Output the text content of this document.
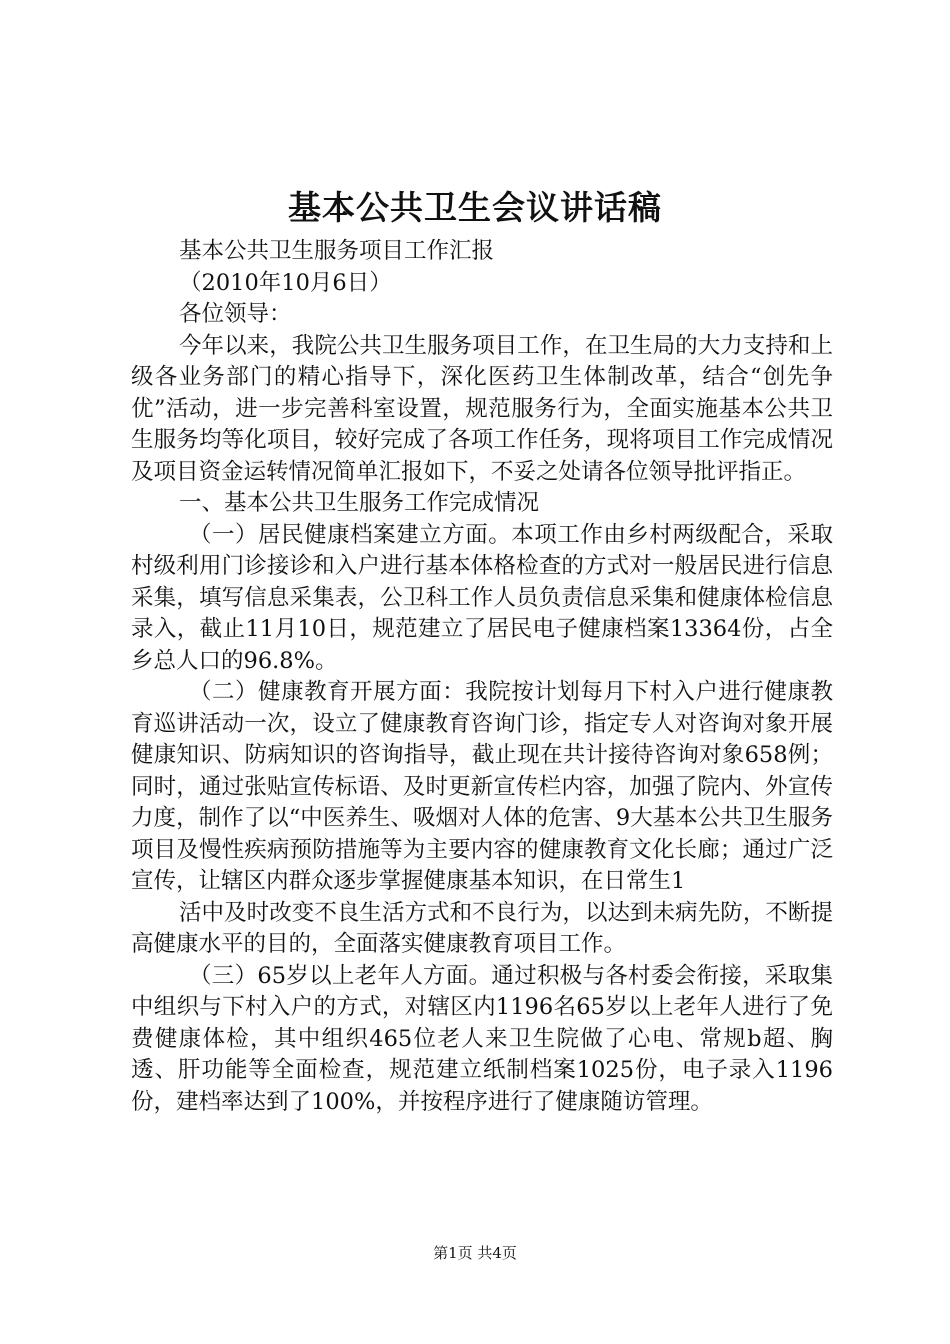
基本公共卫生会议讲话稿

基本公共卫生服务项目工作汇报

（2010年10月6日）

各位领导：

今年以来，我院公共卫生服务项目工作，在卫生局的大力支持和上级各业务部门的精心指导下，深化医药卫生体制改革，结合“创先争优”活动，进一步完善科室设置，规范服务行为，全面实施基本公共卫生服务均等化项目，较好完成了各项工作任务，现将项目工作完成情况及项目资金运转情况简单汇报如下，不妥之处请各位领导批评指正。

一、基本公共卫生服务工作完成情况

（一）居民健康档案建立方面。本项工作由乡村两级配合，采取村级利用门诊接诊和入户进行基本体格检查的方式对一般居民进行信息采集，填写信息采集表，公卫科工作人员负责信息采集和健康体检信息录入，截止11月10日，规范建立了居民电子健康档案13364份，占全乡总人口的96.8%。

（二）健康教育开展方面：我院按计划每月下村入户进行健康教育巡讲活动一次，设立了健康教育咨询门诊，指定专人对咨询对象开展健康知识、防病知识的咨询指导，截止现在共计接待咨询对象658例；同时，通过张贴宣传标语、及时更新宣传栏内容，加强了院内、外宣传力度，制作了以“中医养生、吸烟对人体的危害、9大基本公共卫生服务项目及慢性疾病预防措施等为主要内容的健康教育文化长廊；通过广泛宣传，让辖区内群众逐步掌握健康基本知识，在日常生1

活中及时改变不良生活方式和不良行为，以达到未病先防，不断提高健康水平的目的，全面落实健康教育项目工作。

（三）65岁以上老年人方面。通过积极与各村委会衔接，采取集中组织与下村入户的方式，对辖区内1196名65岁以上老年人进行了免费健康体检，其中组织465位老人来卫生院做了心电、常规b超、胸透、肝功能等全面检查，规范建立纸制档案1025份，电子录入1196份，建档率达到了100%，并按程序进行了健康随访管理。

第1页 共4页
